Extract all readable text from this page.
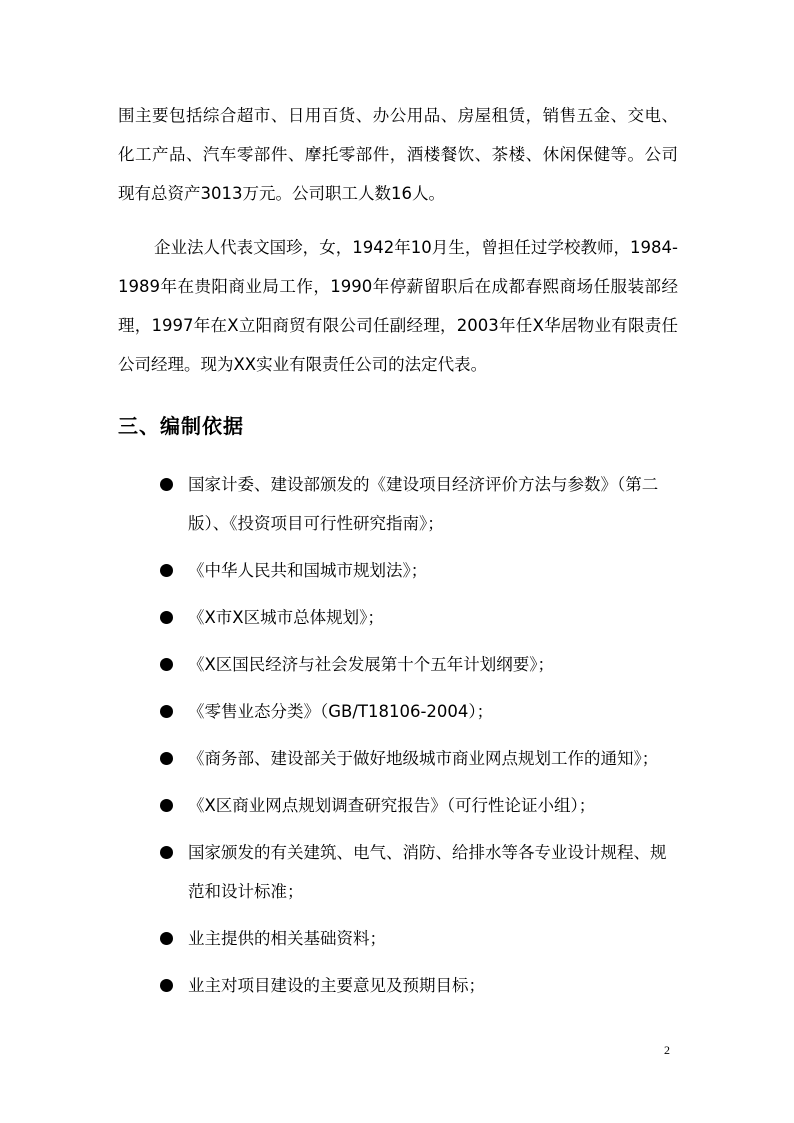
围主要包括综合超市、日用百货、办公用品、房屋租赁，销售五金、交电、化工产品、汽车零部件、摩托零部件，酒楼餐饮、茶楼、休闲保健等。公司现有总资产3013万元。公司职工人数16人。
企业法人代表文国珍，女，1942年10月生，曾担任过学校教师，1984-1989年在贵阳商业局工作，1990年停薪留职后在成都春熙商场任服装部经理，1997年在X立阳商贸有限公司任副经理，2003年任X华居物业有限责任公司经理。现为XX实业有限责任公司的法定代表。
三、编制依据
国家计委、建设部颁发的《建设项目经济评价方法与参数》（第二版）、《投资项目可行性研究指南》；
《中华人民共和国城市规划法》；
《X市X区城市总体规划》；
《X区国民经济与社会发展第十个五年计划纲要》；
《零售业态分类》（GB/T18106-2004）；
《商务部、建设部关于做好地级城市商业网点规划工作的通知》；
《X区商业网点规划调查研究报告》（可行性论证小组）；
国家颁发的有关建筑、电气、消防、给排水等各专业设计规程、规范和设计标准；
业主提供的相关基础资料；
业主对项目建设的主要意见及预期目标；
2
